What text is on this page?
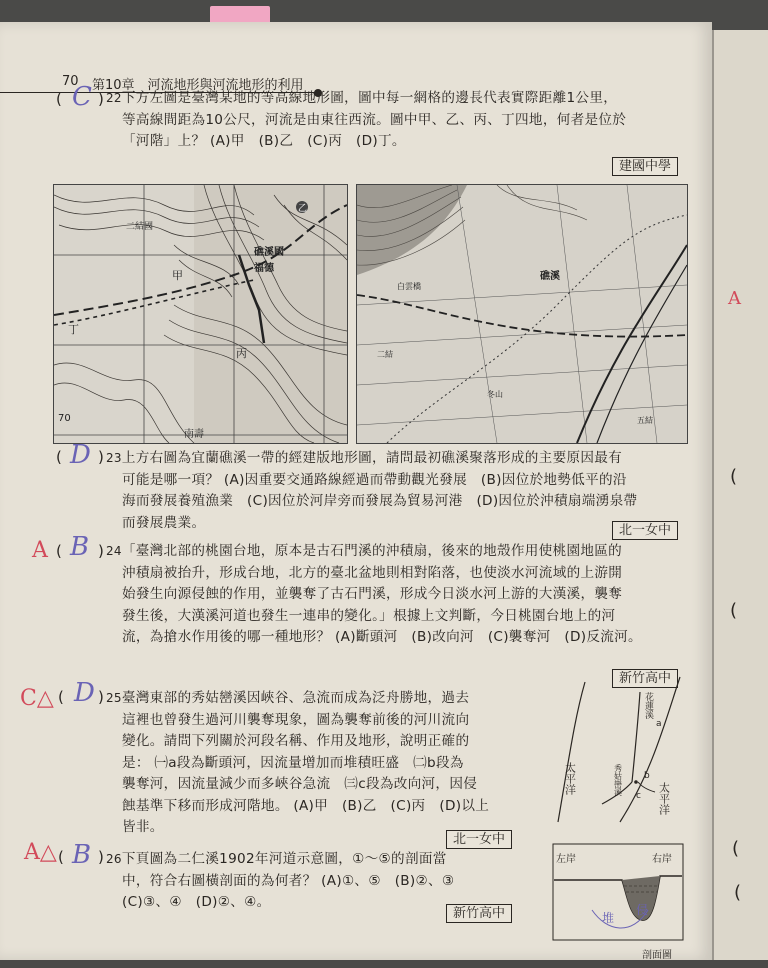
70 第10章　河流地形與河流地形的利用
( C ) 22下方左圖是臺灣某地的等高線地形圖，圖中每一網格的邊長代表實際距離1公里，
等高線間距為10公尺，河流是由東往西流。圖中甲、乙、丙、丁四地，何者是位於
「河階」上？ (A)甲　(B)乙　(C)丙　(D)丁。
建國中學
乙
甲
丁
丙
二結國
礁溪國
福德
南壽
70
礁溪
白雲橋
二結
五結
冬山
( D ) 23上方右圖為宜蘭礁溪一帶的經建版地形圖，請問最初礁溪聚落形成的主要原因最有
可能是哪一項？ (A)因重要交通路線經過而帶動觀光發展　(B)因位於地勢低平的沿
海而發展養殖漁業　(C)因位於河岸旁而發展為貿易河港　(D)因位於沖積扇端湧泉帶
而發展農業。	北一女中
A ( B ) 24「臺灣北部的桃園台地，原本是古石門溪的沖積扇，後來的地殼作用使桃園地區的
沖積扇被抬升，形成台地，北方的臺北盆地則相對陷落，也使淡水河流域的上游開
始發生向源侵蝕的作用，並襲奪了古石門溪，形成今日淡水河上游的大漢溪，襲奪
發生後，大漢溪河道也發生一連串的變化。」根據上文判斷，今日桃園台地上的河
流，為搶水作用後的哪一種地形？ (A)斷頭河　(B)改向河　(C)襲奪河　(D)反流河。
新竹高中
C△ ( D ) 25臺灣東部的秀姑巒溪因峽谷、急流而成為泛舟勝地，過去
這裡也曾發生過河川襲奪現象，圖為襲奪前後的河川流向
變化。請問下列關於河段名稱、作用及地形，說明正確的
是： ㈠a段為斷頭河，因流量增加而堆積旺盛　㈡b段為
襲奪河，因流量減少而多峽谷急流　㈢c段為改向河，因侵
蝕基準下移而形成河階地。 (A)甲　(B)乙　(C)丙　(D)以上
皆非。
北一女中
太平洋
太平洋
花蓮溪
秀姑巒溪
a
b
c
A△ ( B ) 26下頁圖為二仁溪1902年河道示意圖，①～⑤的剖面當
中，符合右圖橫剖面的為何者？ (A)①、⑤　(B)②、③
(C)③、④　(D)②、④。
新竹高中
左岸	右岸
堆
侵
剖面圖
A
(
(
(
(
